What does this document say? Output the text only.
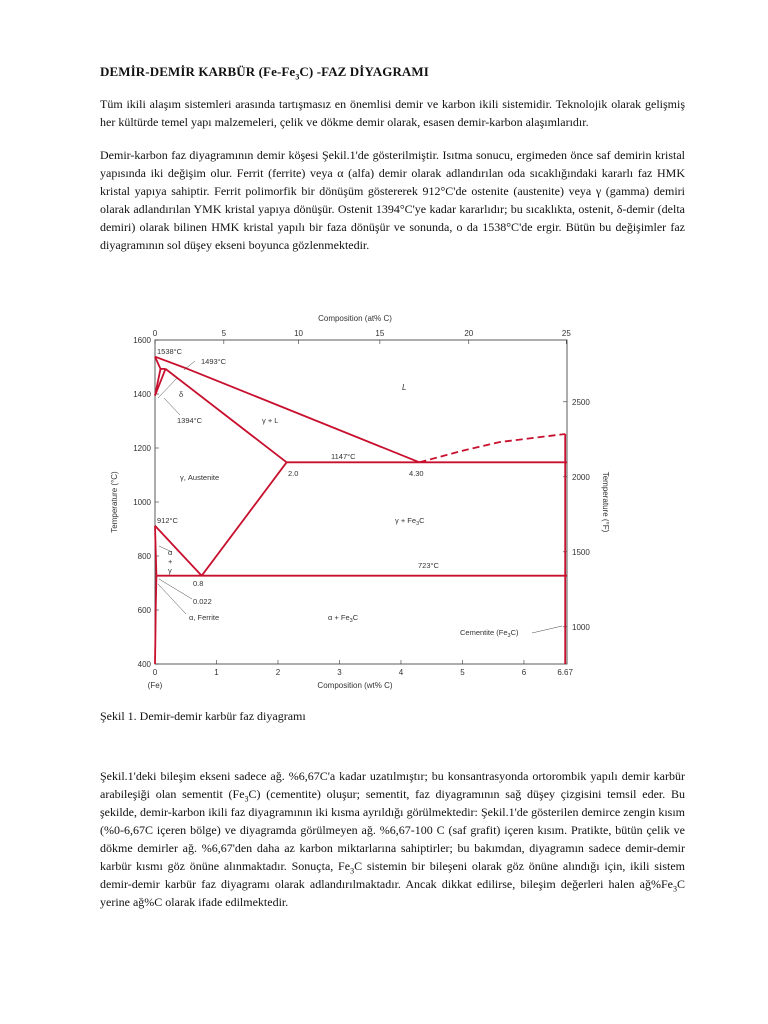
DEMİR-DEMİR KARBÜR $(Fe-Fe_3C)$ -FAZ DİYAGRAMI
Tüm ikili alaşım sistemleri arasında tartışmasız en önemlisi demir ve karbon ikili sistemidir. Teknolojik olarak gelişmiş her kültürde temel yapı malzemeleri, çelik ve dökme demir olarak, esasen demir-karbon alaşımlarıdır.
Demir-karbon faz diyagramının demir köşesi Şekil.1'de gösterilmiştir. Isıtma sonucu, ergimeden önce saf demirin kristal yapısında iki değişim olur. Ferrit (ferrite) veya α (alfa) demir olarak adlandırılan oda sıcaklığındaki kararlı faz HMK kristal yapıya sahiptir. Ferrit polimorfik bir dönüşüm göstererek 912°C'de ostenite (austenite) veya γ (gamma) demiri olarak adlandırılan YMK kristal yapıya dönüşür. Ostenit 1394°C'ye kadar kararlıdır; bu sıcaklıkta, ostenit, δ-demir (delta demiri) olarak bilinen HMK kristal yapılı bir faza dönüşür ve sonunda, o da 1538°C'de ergir. Bütün bu değişimler faz diyagramının sol düşey ekseni boyunca gözlenmektedir.
0	1	2	3	4	5	6	6.67
0	5	10	15	20	25
400
600
800
1000
1200
1400
1600
1000
1500
2000
2500
Composition (at% C)
Composition (wt% C)
(Fe)
Temperature (°C)	Temperature (°F)
1538°C
1493°C
1394°C
1147°C
912°C
723°C
2.0	4.30
0.8
0.022
L
δ
γ + L
γ, Austenite
$\gamma + Fe_3C$
α
+
γ
α, Ferrite	$\alpha + Fe_3C$
Cementite $(Fe_3C)$
Şekil 1. Demir-demir karbür faz diyagramı
Şekil.1'deki bileşim ekseni sadece ağ. %6,67C'a kadar uzatılmıştır; bu konsantrasyonda ortorombik yapılı demir karbür arabileşiği olan sementit $(Fe_3C)$ (cementite) oluşur; sementit, faz diyagramının sağ düşey çizgisini temsil eder. Bu şekilde, demir-karbon ikili faz diyagramının iki kısma ayrıldığı görülmektedir: Şekil.1'de gösterilen demirce zengin kısım (%0-6,67C içeren bölge) ve diyagramda görülmeyen ağ. %6,67-100 C (saf grafit) içeren kısım. Pratikte, bütün çelik ve dökme demirler ağ. %6,67'den daha az karbon miktarlarına sahiptirler; bu bakımdan, diyagramın sadece demir-demir karbür kısmı göz önüne alınmaktadır. Sonuçta, $Fe_3C$ sistemin bir bileşeni olarak göz önüne alındığı için, ikili sistem demir-demir karbür faz diyagramı olarak adlandırılmaktadır. Ancak dikkat edilirse, bileşim değerleri halen $ağ\%Fe_3C$ yerine ağ%C olarak ifade edilmektedir.
